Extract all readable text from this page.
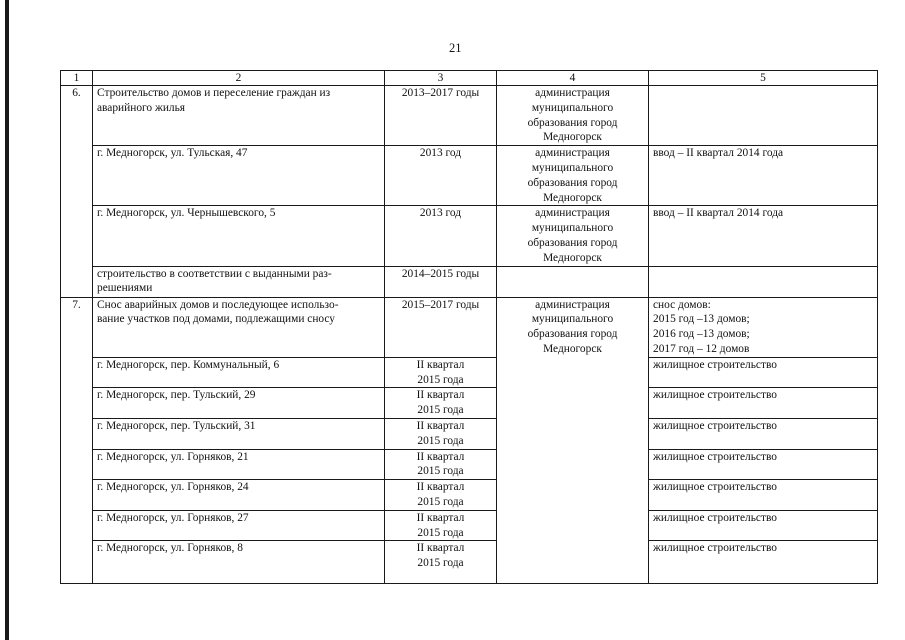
21
1	2	3	4	5
6.	Строительство домов и переселение граждан из
аварийного жилья	2013–2017 годы	администрация
муниципального
образования город
Медногорск	

	г. Медногорск, ул. Тульская, 47	2013 год	администрация
муниципального
образования город
Медногорск	ввод – II квартал 2014 года

	г. Медногорск, ул. Чернышевского, 5	2013 год	администрация
муниципального
образования город
Медногорск	ввод – II квартал 2014 года

	строительство в соответствии с выданными раз-
решениями	2014–2015 годы		

7.	Снос аварийных домов и последующее использо-
вание участков под домами, подлежащими сносу	2015–2017 годы	администрация
муниципального
образования город
Медногорск	снос домов:
2015 год –13 домов;
2016 год –13 домов;
2017 год – 12 домов

	г. Медногорск, пер. Коммунальный, 6	II квартал
2015 года		жилищное строительство

	г. Медногорск, пер. Тульский, 29	II квартал
2015 года		жилищное строительство

	г. Медногорск, пер. Тульский, 31	II квартал
2015 года		жилищное строительство

	г. Медногорск, ул. Горняков, 21	II квартал
2015 года		жилищное строительство

	г. Медногорск, ул. Горняков, 24	II квартал
2015 года		жилищное строительство

	г. Медногорск, ул. Горняков, 27	II квартал
2015 года		жилищное строительство

	г. Медногорск, ул. Горняков, 8	II квартал
2015 года		жилищное строительство
